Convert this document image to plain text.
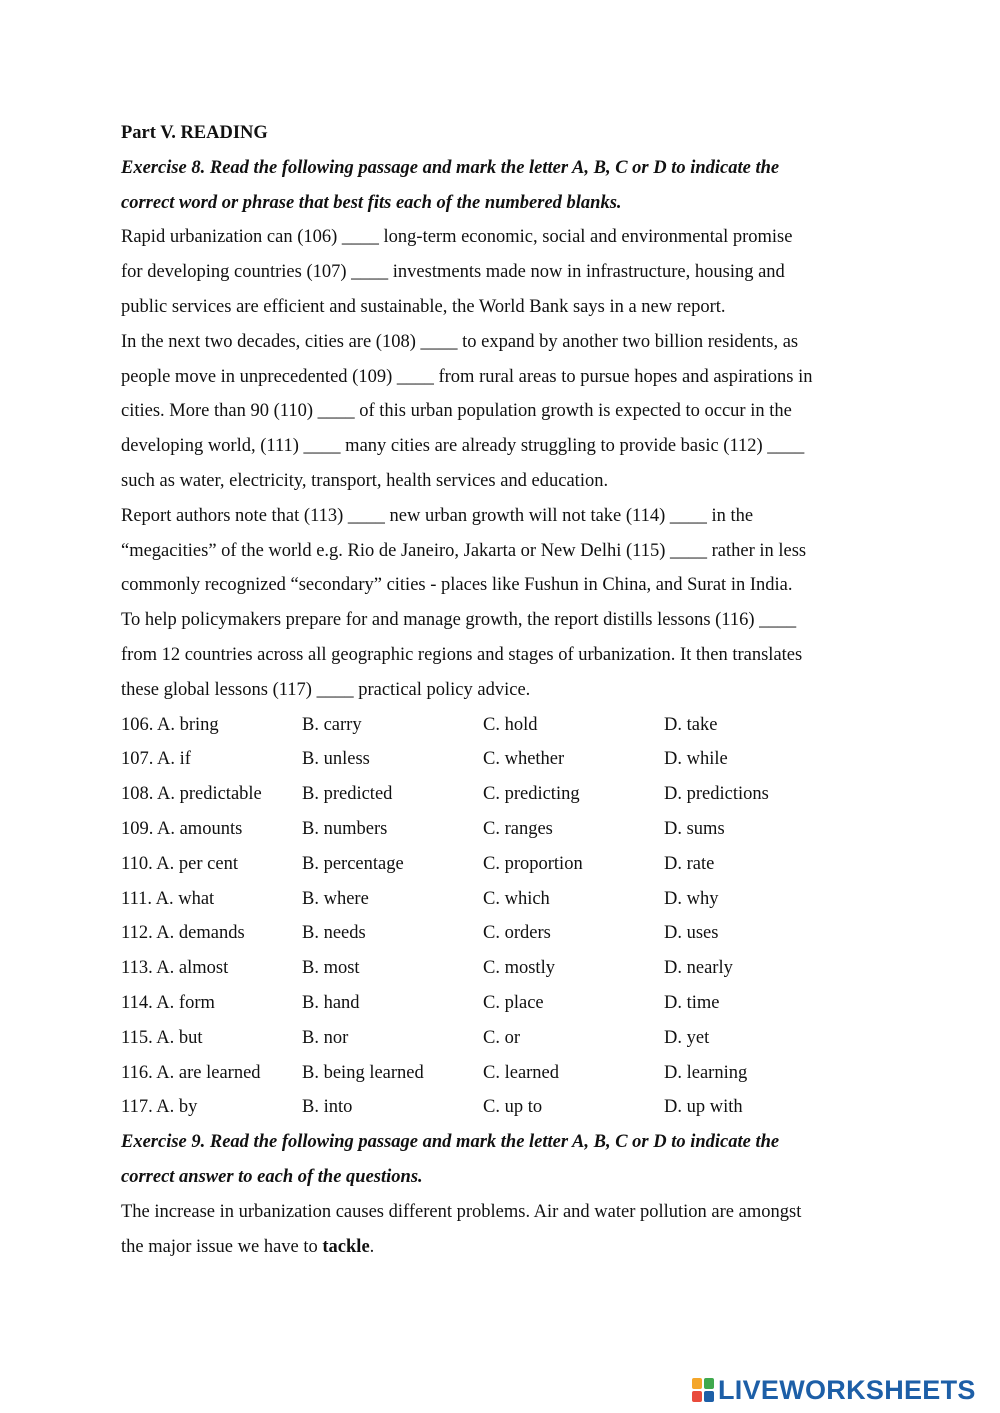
Part V. READING
Exercise 8. Read the following passage and mark the letter A, B, C or D to indicate the
correct word or phrase that best fits each of the numbered blanks.
Rapid urbanization can (106) ____ long-term economic, social and environmental promise
for developing countries (107) ____ investments made now in infrastructure, housing and
public services are efficient and sustainable, the World Bank says in a new report.
In the next two decades, cities are (108) ____ to expand by another two billion residents, as
people move in unprecedented (109) ____ from rural areas to pursue hopes and aspirations in
cities. More than 90 (110) ____ of this urban population growth is expected to occur in the
developing world, (111) ____ many cities are already struggling to provide basic (112) ____
such as water, electricity, transport, health services and education.
Report authors note that (113) ____ new urban growth will not take (114) ____ in the
“megacities” of the world e.g. Rio de Janeiro, Jakarta or New Delhi (115) ____ rather in less
commonly recognized “secondary” cities - places like Fushun in China, and Surat in India.
To help policymakers prepare for and manage growth, the report distills lessons (116) ____
from 12 countries across all geographic regions and stages of urbanization. It then translates
these global lessons (117) ____ practical policy advice.
106. A. bring	B. carry	C. hold	D. take
107. A. if	B. unless	C. whether	D. while
108. A. predictable B. predicted	C. predicting	D. predictions
109. A. amounts	B. numbers	C. ranges	D. sums
110. A. per cent	B. percentage	C. proportion	D. rate
111. A. what	B. where	C. which	D. why
112. A. demands	B. needs	C. orders	D. uses
113. A. almost	B. most	C. mostly	D. nearly
114. A. form	B. hand	C. place	D. time
115. A. but	B. nor	C. or	D. yet
116. A. are learned B. being learned	C. learned	D. learning
117. A. by	B. into	C. up to	D. up with
Exercise 9. Read the following passage and mark the letter A, B, C or D to indicate the
correct answer to each of the questions.
The increase in urbanization causes different problems. Air and water pollution are amongst
the major issue we have to tackle.
LIVEWORKSHEETS
